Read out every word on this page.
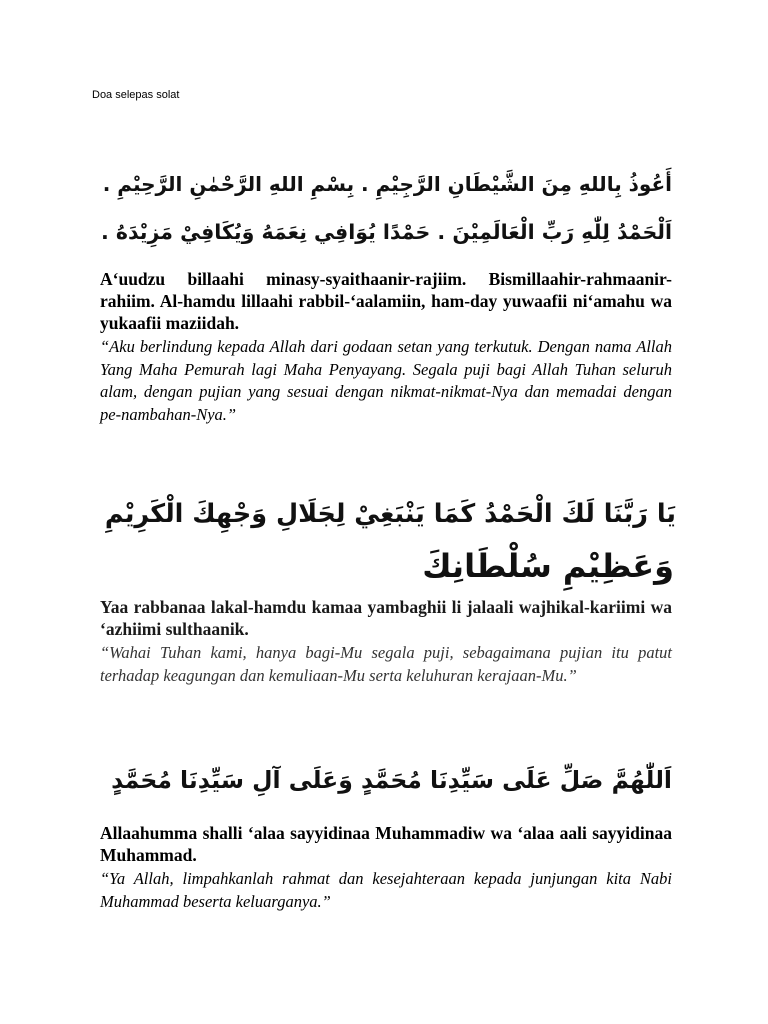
Doa selepas solat
أَعُوذُ بِاللهِ مِنَ الشَّيْطَانِ الرَّجِيْمِ . بِسْمِ اللهِ الرَّحْمٰنِ الرَّحِيْمِ .
اَلْحَمْدُ لِلّٰهِ رَبِّ الْعَالَمِيْنَ . حَمْدًا يُوَافِي نِعَمَهُ وَيُكَافِيْ مَزِيْدَهُ .

A‘uudzu billaahi minasy-syaithaanir-rajiim. Bismillaahir-rahmaanir-rahiim. Al-hamdu lillaahi rabbil-‘aalamiin, ham-day yuwaafii ni‘amahu wa yukaafii maziidah.

“Aku berlindung kepada Allah dari godaan setan yang terkutuk. Dengan nama Allah Yang Maha Pemurah lagi Maha Penyayang. Segala puji bagi Allah Tuhan seluruh alam, dengan pujian yang sesuai dengan nikmat-nikmat-Nya dan memadai dengan pe-nambahan-Nya.”

يَا رَبَّنَا لَكَ الْحَمْدُ كَمَا يَنْبَغِيْ لِجَلَالِ وَجْهِكَ الْكَرِيْمِ
وَعَظِيْمِ سُلْطَانِكَ

Yaa rabbanaa lakal-hamdu kamaa yambaghii li jalaali wajhikal-kariimi wa ‘azhiimi sulthaanik.

“Wahai Tuhan kami, hanya bagi-Mu segala puji, sebagaimana pujian itu patut terhadap keagungan dan kemuliaan-Mu serta keluhuran kerajaan-Mu.”

اَللّٰهُمَّ صَلِّ عَلَى سَيِّدِنَا مُحَمَّدٍ وَعَلَى آلِ سَيِّدِنَا مُحَمَّدٍ

Allaahumma shalli ‘alaa sayyidinaa Muhammadiw wa ‘alaa aali sayyidinaa Muhammad.

“Ya Allah, limpahkanlah rahmat dan kesejahteraan kepada junjungan kita Nabi Muhammad beserta keluarganya.”
